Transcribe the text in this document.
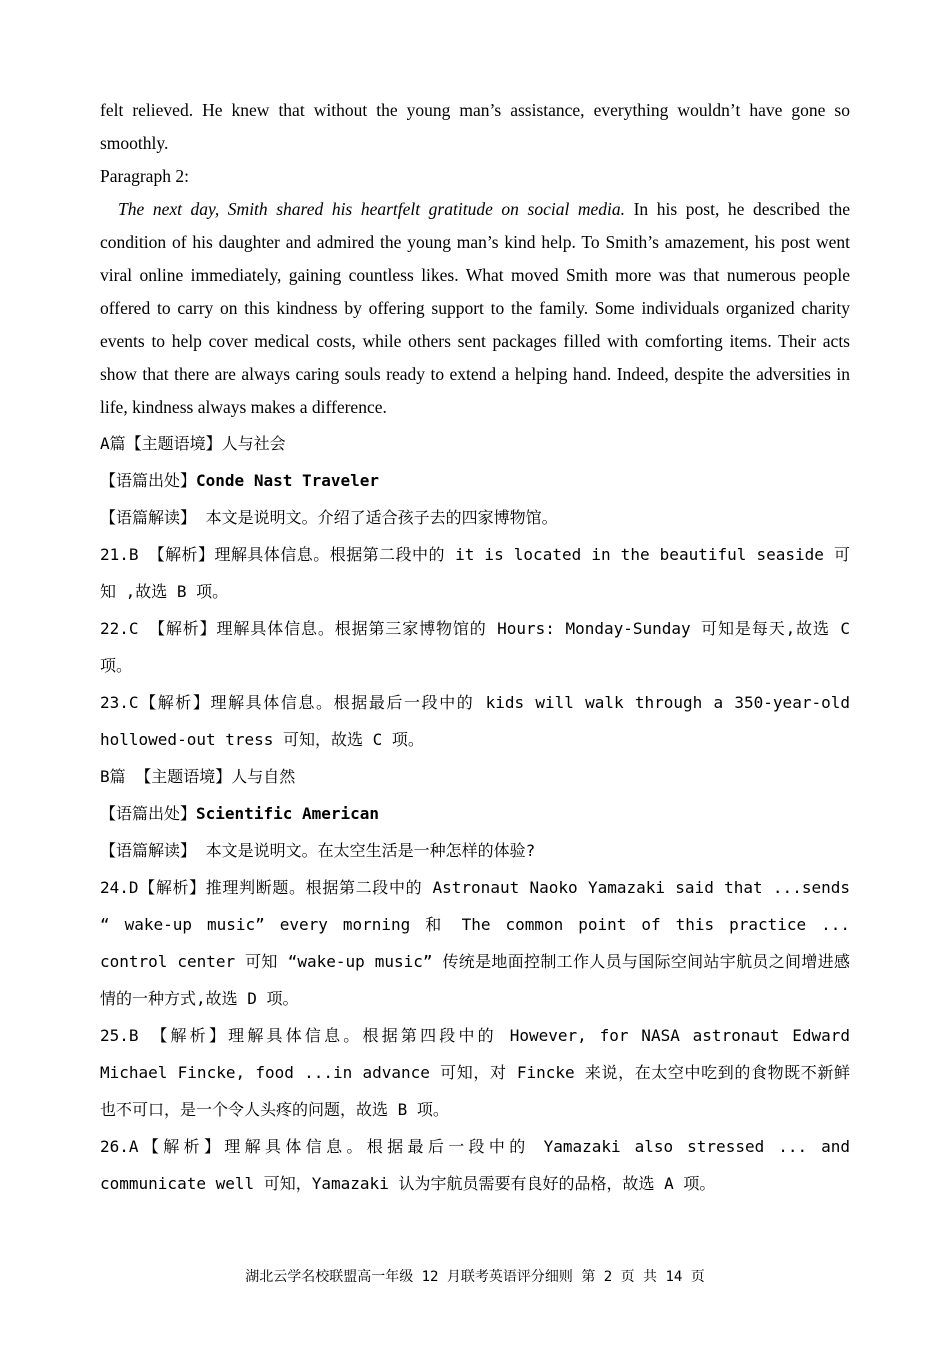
felt relieved. He knew that without the young man’s assistance, everything wouldn’t have gone so smoothly.

Paragraph 2:

The next day, Smith shared his heartfelt gratitude on social media. In his post, he described the condition of his daughter and admired the young man’s kind help. To Smith’s amazement, his post went viral online immediately, gaining countless likes. What moved Smith more was that numerous people offered to carry on this kindness by offering support to the family. Some individuals organized charity events to help cover medical costs, while others sent packages filled with comforting items. Their acts show that there are always caring souls ready to extend a helping hand. Indeed, despite the adversities in life, kindness always makes a difference.

A篇【主题语境】人与社会

【语篇出处】Conde Nast Traveler

【语篇解读】 本文是说明文。介绍了适合孩子去的四家博物馆。

21.B 【解析】理解具体信息。根据第二段中的 it is located in the beautiful seaside 可知 ,故选 B 项。

22.C 【解析】理解具体信息。根据第三家博物馆的 Hours: Monday-Sunday 可知是每天,故选 C 项。

23.C【解析】理解具体信息。根据最后一段中的 kids will walk through a 350-year-old hollowed-out tress 可知，故选 C 项。

B篇 【主题语境】人与自然

【语篇出处】Scientific American

【语篇解读】 本文是说明文。在太空生活是一种怎样的体验?

24.D【解析】推理判断题。根据第二段中的 Astronaut Naoko Yamazaki said that ...sends “ wake-up music” every morning 和 The common point of this practice ... control center 可知 “wake-up music” 传统是地面控制工作人员与国际空间站宇航员之间增进感情的一种方式,故选 D 项。

25.B 【解析】理解具体信息。根据第四段中的 However, for NASA astronaut Edward Michael Fincke, food ...in advance 可知，对 Fincke 来说，在太空中吃到的食物既不新鲜也不可口，是一个令人头疼的问题，故选 B 项。

26.A【解析】理解具体信息。根据最后一段中的 Yamazaki also stressed ... and communicate well 可知，Yamazaki 认为宇航员需要有良好的品格，故选 A 项。

湖北云学名校联盟高一年级 12 月联考英语评分细则 第 2 页 共 14 页
